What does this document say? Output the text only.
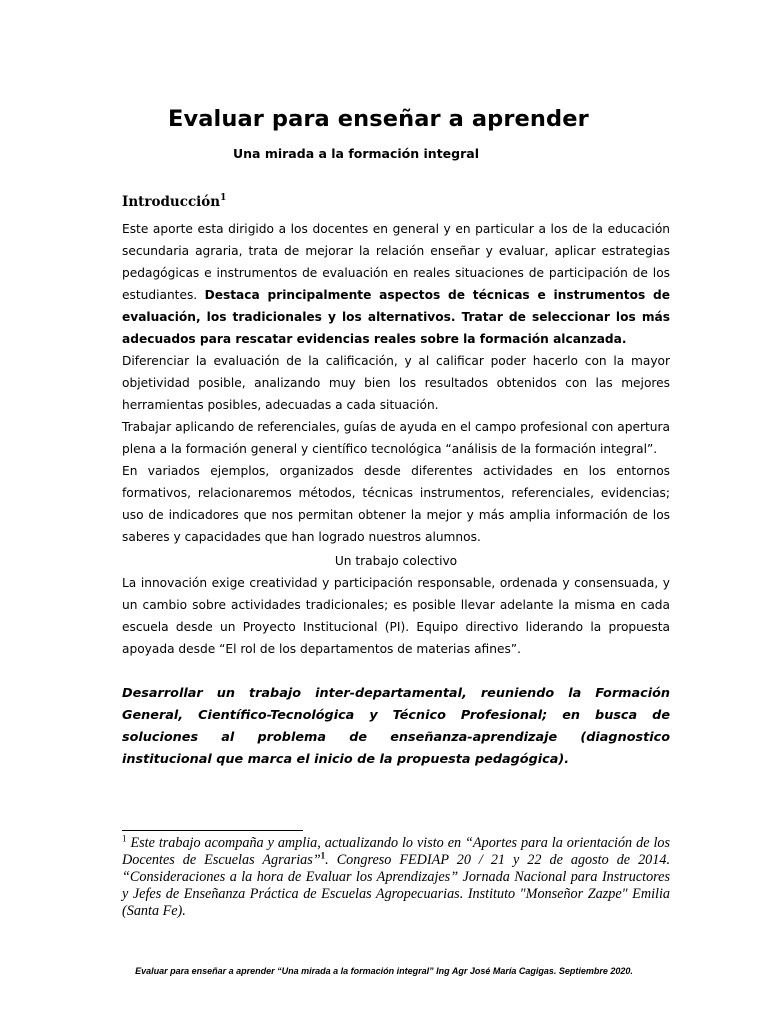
Evaluar para enseñar a aprender
Una mirada a la formación integral
Introducción$^1$
Este aporte esta dirigido a los docentes en general y en particular a los de la educación secundaria agraria, trata de mejorar la relación enseñar y evaluar, aplicar estrategias pedagógicas e instrumentos de evaluación en reales situaciones de participación de los estudiantes. Destaca principalmente aspectos de técnicas e instrumentos de evaluación, los tradicionales y los alternativos. Tratar de seleccionar los más adecuados para rescatar evidencias reales sobre la formación alcanzada.
Diferenciar la evaluación de la calificación, y al calificar poder hacerlo con la mayor objetividad posible, analizando muy bien los resultados obtenidos con las mejores herramientas posibles, adecuadas a cada situación.
Trabajar aplicando de referenciales, guías de ayuda en el campo profesional con apertura plena a la formación general y científico tecnológica “análisis de la formación integral”.
En variados ejemplos, organizados desde diferentes actividades en los entornos formativos, relacionaremos métodos, técnicas instrumentos, referenciales, evidencias; uso de indicadores que nos permitan obtener la mejor y más amplia información de los saberes y capacidades que han logrado nuestros alumnos.
Un trabajo colectivo
La innovación exige creatividad y participación responsable, ordenada y consensuada, y un cambio sobre actividades tradicionales; es posible llevar adelante la misma en cada escuela desde un Proyecto Institucional (PI). Equipo directivo liderando la propuesta apoyada desde “El rol de los departamentos de materias afines”.
Desarrollar un trabajo inter-departamental, reuniendo la Formación General, Científico-Tecnológica y Técnico Profesional; en busca de soluciones al problema de enseñanza-aprendizaje (diagnostico institucional que marca el inicio de la propuesta pedagógica).
$^1$ Este trabajo acompaña y amplia, actualizando lo visto en “Aportes para la orientación de los Docentes de Escuelas Agrarias”$^1$. Congreso FEDIAP 20 / 21 y 22 de agosto de 2014. “Consideraciones a la hora de Evaluar los Aprendizajes” Jornada Nacional para Instructores y Jefes de Enseñanza Práctica de Escuelas Agropecuarias. Instituto "Monseñor Zazpe" Emilia (Santa Fe).
Evaluar para enseñar a aprender “Una mirada a la formación integral” Ing Agr José María Cagigas. Septiembre 2020.
